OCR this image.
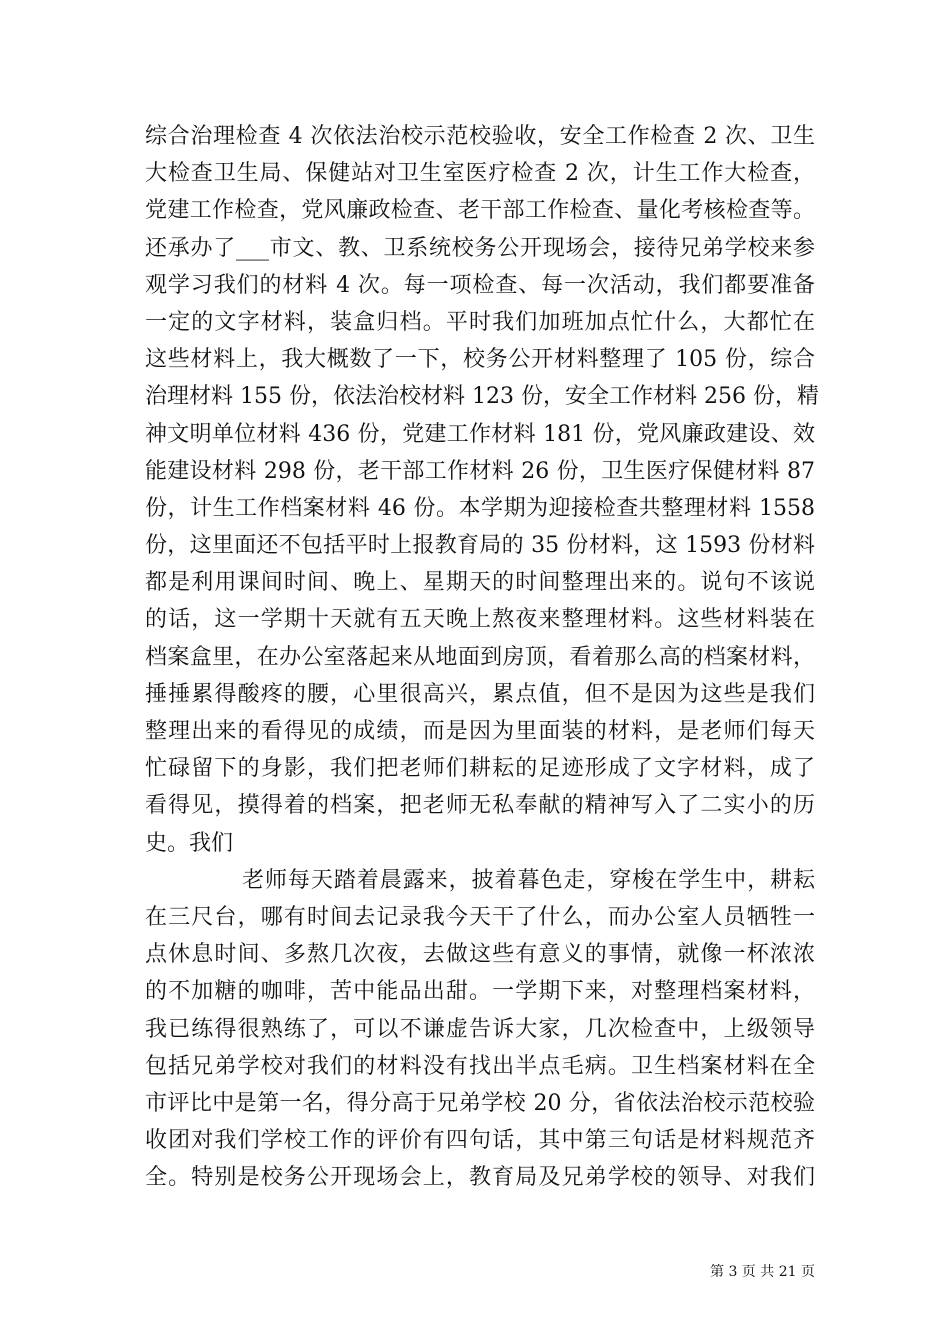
综合治理检查 4 次依法治校示范校验收，安全工作检查 2 次、卫生
大检查卫生局、保健站对卫生室医疗检查 2 次，计生工作大检查，
党建工作检查，党风廉政检查、老干部工作检查、量化考核检查等。
还承办了___市文、教、卫系统校务公开现场会，接待兄弟学校来参
观学习我们的材料 4 次。每一项检查、每一次活动，我们都要准备
一定的文字材料，装盒归档。平时我们加班加点忙什么，大都忙在
这些材料上，我大概数了一下，校务公开材料整理了 105 份，综合
治理材料 155 份，依法治校材料 123 份，安全工作材料 256 份，精
神文明单位材料 436 份，党建工作材料 181 份，党风廉政建设、效
能建设材料 298 份，老干部工作材料 26 份，卫生医疗保健材料 87
份，计生工作档案材料 46 份。本学期为迎接检查共整理材料 1558
份，这里面还不包括平时上报教育局的 35 份材料，这 1593 份材料
都是利用课间时间、晚上、星期天的时间整理出来的。说句不该说
的话，这一学期十天就有五天晚上熬夜来整理材料。这些材料装在
档案盒里，在办公室落起来从地面到房顶，看着那么高的档案材料，
捶捶累得酸疼的腰，心里很高兴，累点值，但不是因为这些是我们
整理出来的看得见的成绩，而是因为里面装的材料，是老师们每天
忙碌留下的身影，我们把老师们耕耘的足迹形成了文字材料，成了
看得见，摸得着的档案，把老师无私奉献的精神写入了二实小的历
史。我们
老师每天踏着晨露来，披着暮色走，穿梭在学生中，耕耘
在三尺台，哪有时间去记录我今天干了什么，而办公室人员牺牲一
点休息时间、多熬几次夜，去做这些有意义的事情，就像一杯浓浓
的不加糖的咖啡，苦中能品出甜。一学期下来，对整理档案材料，
我已练得很熟练了，可以不谦虚告诉大家，几次检查中，上级领导
包括兄弟学校对我们的材料没有找出半点毛病。卫生档案材料在全
市评比中是第一名，得分高于兄弟学校 20 分，省依法治校示范校验
收团对我们学校工作的评价有四句话，其中第三句话是材料规范齐
全。特别是校务公开现场会上，教育局及兄弟学校的领导、对我们
第 3 页 共 21 页
